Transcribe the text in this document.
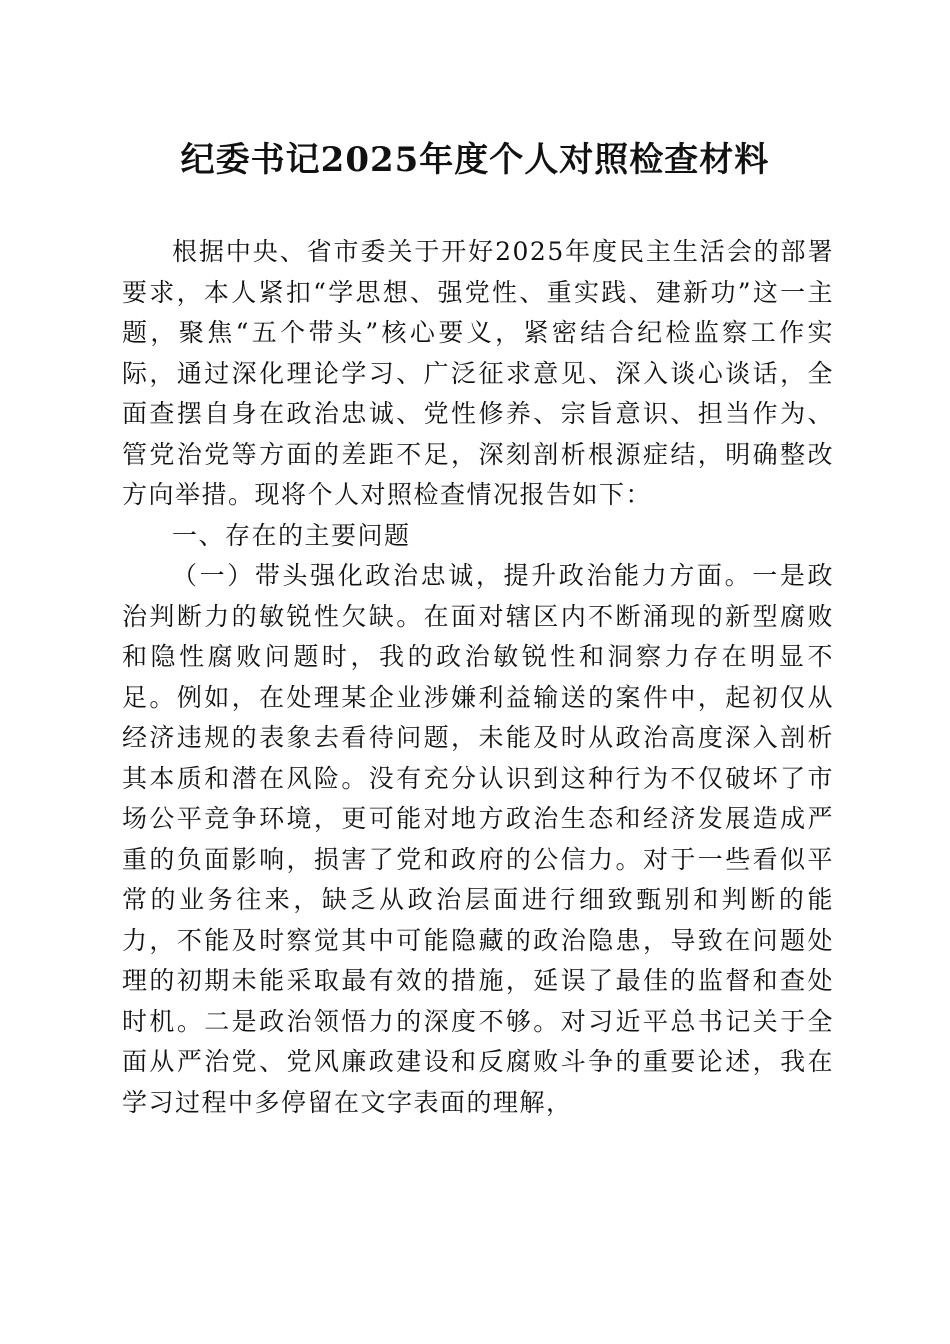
纪委书记2025年度个人对照检查材料

根据中央、省市委关于开好2025年度民主生活会的部署要求，本人紧扣“学思想、强党性、重实践、建新功”这一主题，聚焦“五个带头”核心要义，紧密结合纪检监察工作实际，通过深化理论学习、广泛征求意见、深入谈心谈话，全面查摆自身在政治忠诚、党性修养、宗旨意识、担当作为、管党治党等方面的差距不足，深刻剖析根源症结，明确整改方向举措。现将个人对照检查情况报告如下：

一、存在的主要问题

（一）带头强化政治忠诚，提升政治能力方面。一是政治判断力的敏锐性欠缺。在面对辖区内不断涌现的新型腐败和隐性腐败问题时，我的政治敏锐性和洞察力存在明显不足。例如，在处理某企业涉嫌利益输送的案件中，起初仅从经济违规的表象去看待问题，未能及时从政治高度深入剖析其本质和潜在风险。没有充分认识到这种行为不仅破坏了市场公平竞争环境，更可能对地方政治生态和经济发展造成严重的负面影响，损害了党和政府的公信力。对于一些看似平常的业务往来，缺乏从政治层面进行细致甄别和判断的能力，不能及时察觉其中可能隐藏的政治隐患，导致在问题处理的初期未能采取最有效的措施，延误了最佳的监督和查处时机。二是政治领悟力的深度不够。对习近平总书记关于全面从严治党、党风廉政建设和反腐败斗争的重要论述，我在学习过程中多停留在文字表面的理解，
